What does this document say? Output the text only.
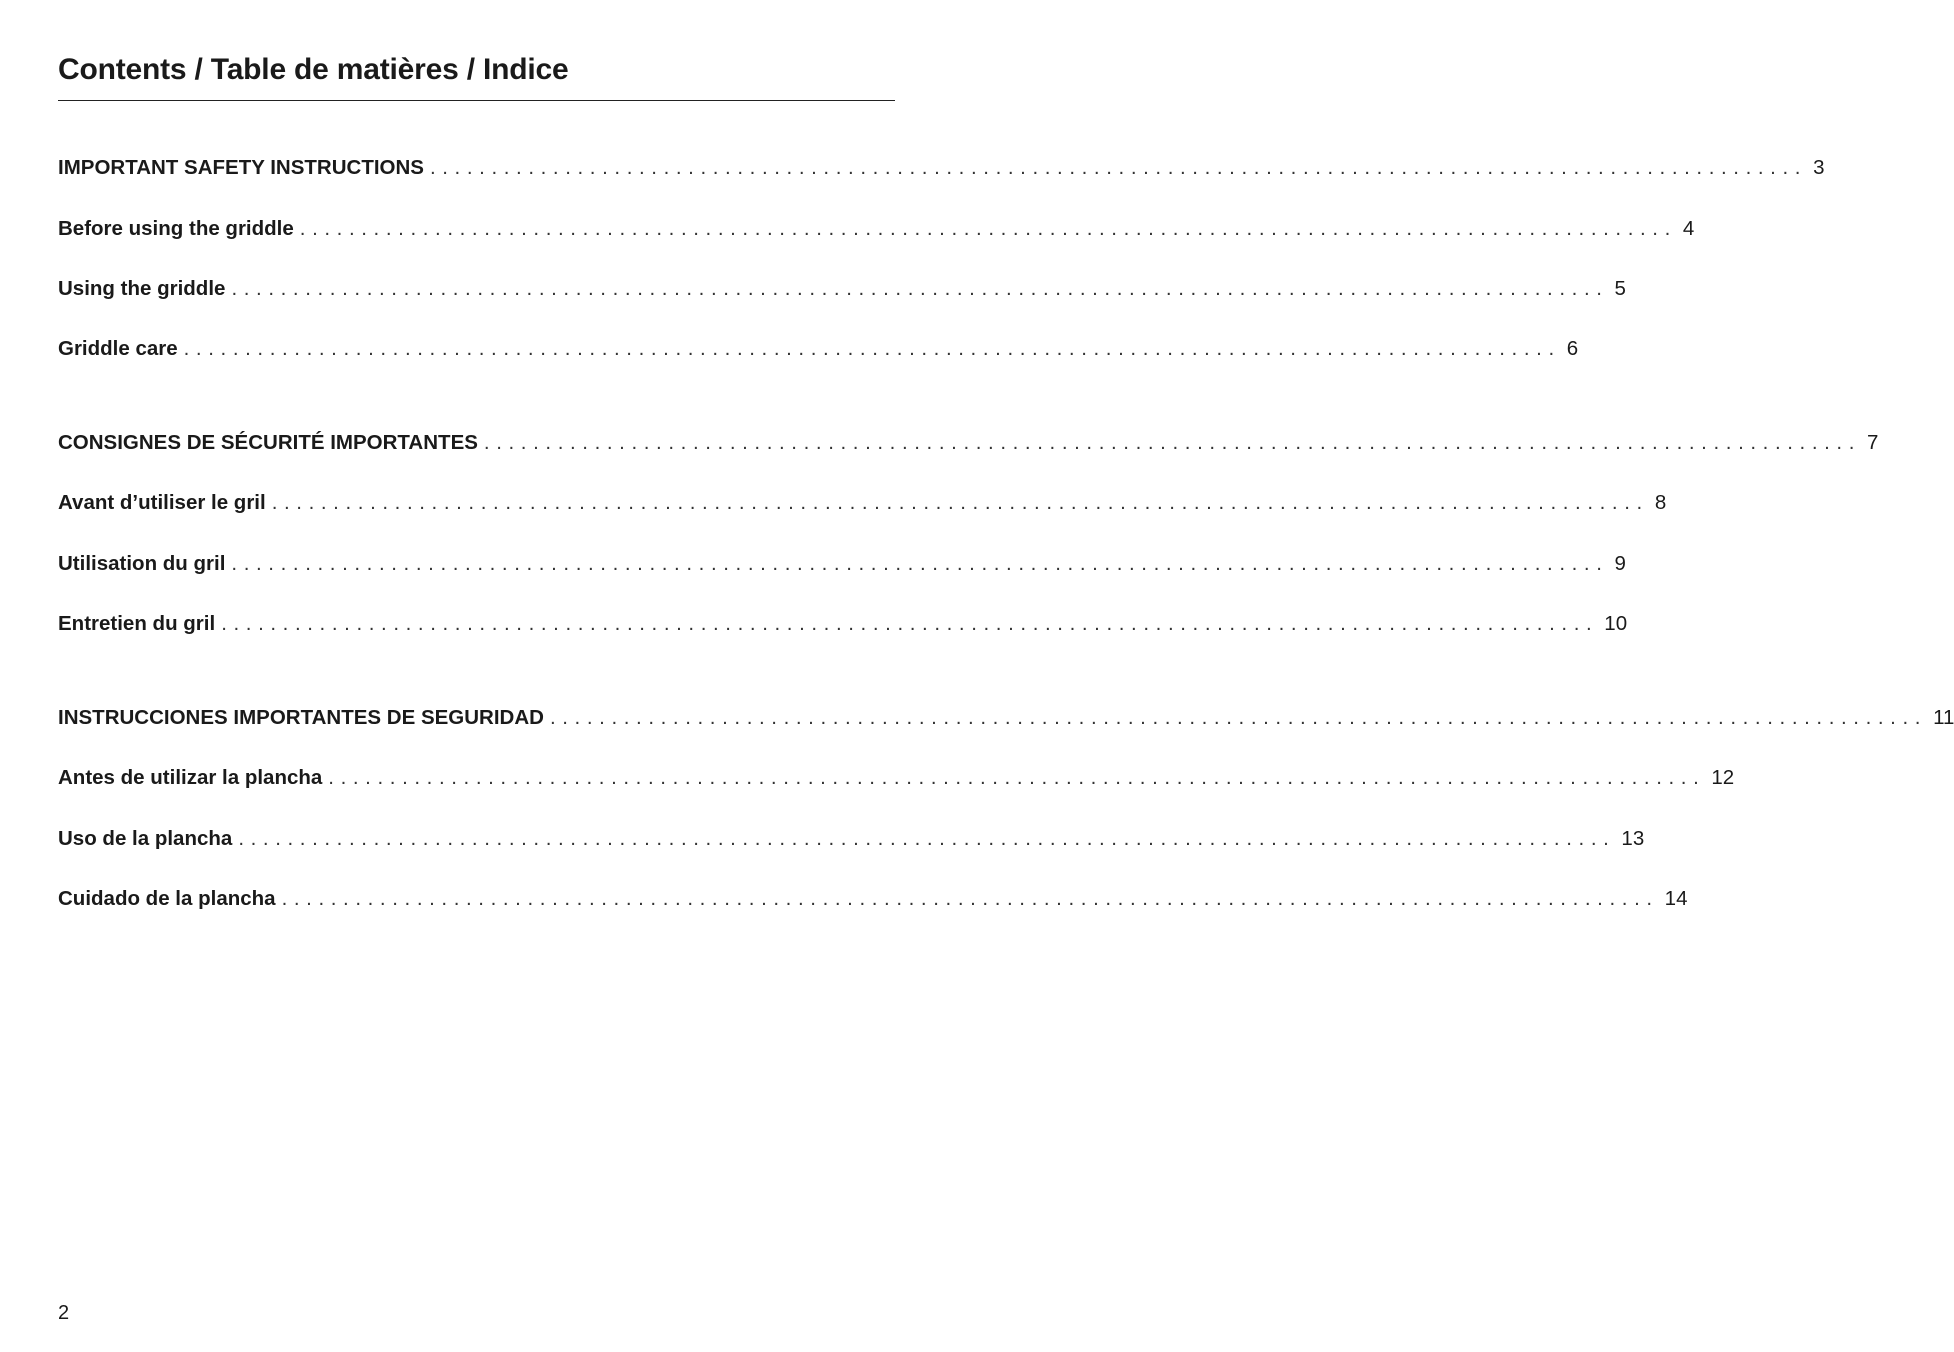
Contents / Table de matières / Indice
IMPORTANT SAFETY INSTRUCTIONS ................................................................................................................ 3
Before using the griddle ................................................................................................................ 4
Using the griddle ................................................................................................................ 5
Griddle care ................................................................................................................ 6
CONSIGNES DE SÉCURITÉ IMPORTANTES ................................................................................................................ 7
Avant d’utiliser le gril ................................................................................................................ 8
Utilisation du gril ................................................................................................................ 9
Entretien du gril ................................................................................................................ 10
INSTRUCCIONES IMPORTANTES DE SEGURIDAD ................................................................................................................ 11
Antes de utilizar la plancha ................................................................................................................ 12
Uso de la plancha ................................................................................................................ 13
Cuidado de la plancha ................................................................................................................ 14
2
